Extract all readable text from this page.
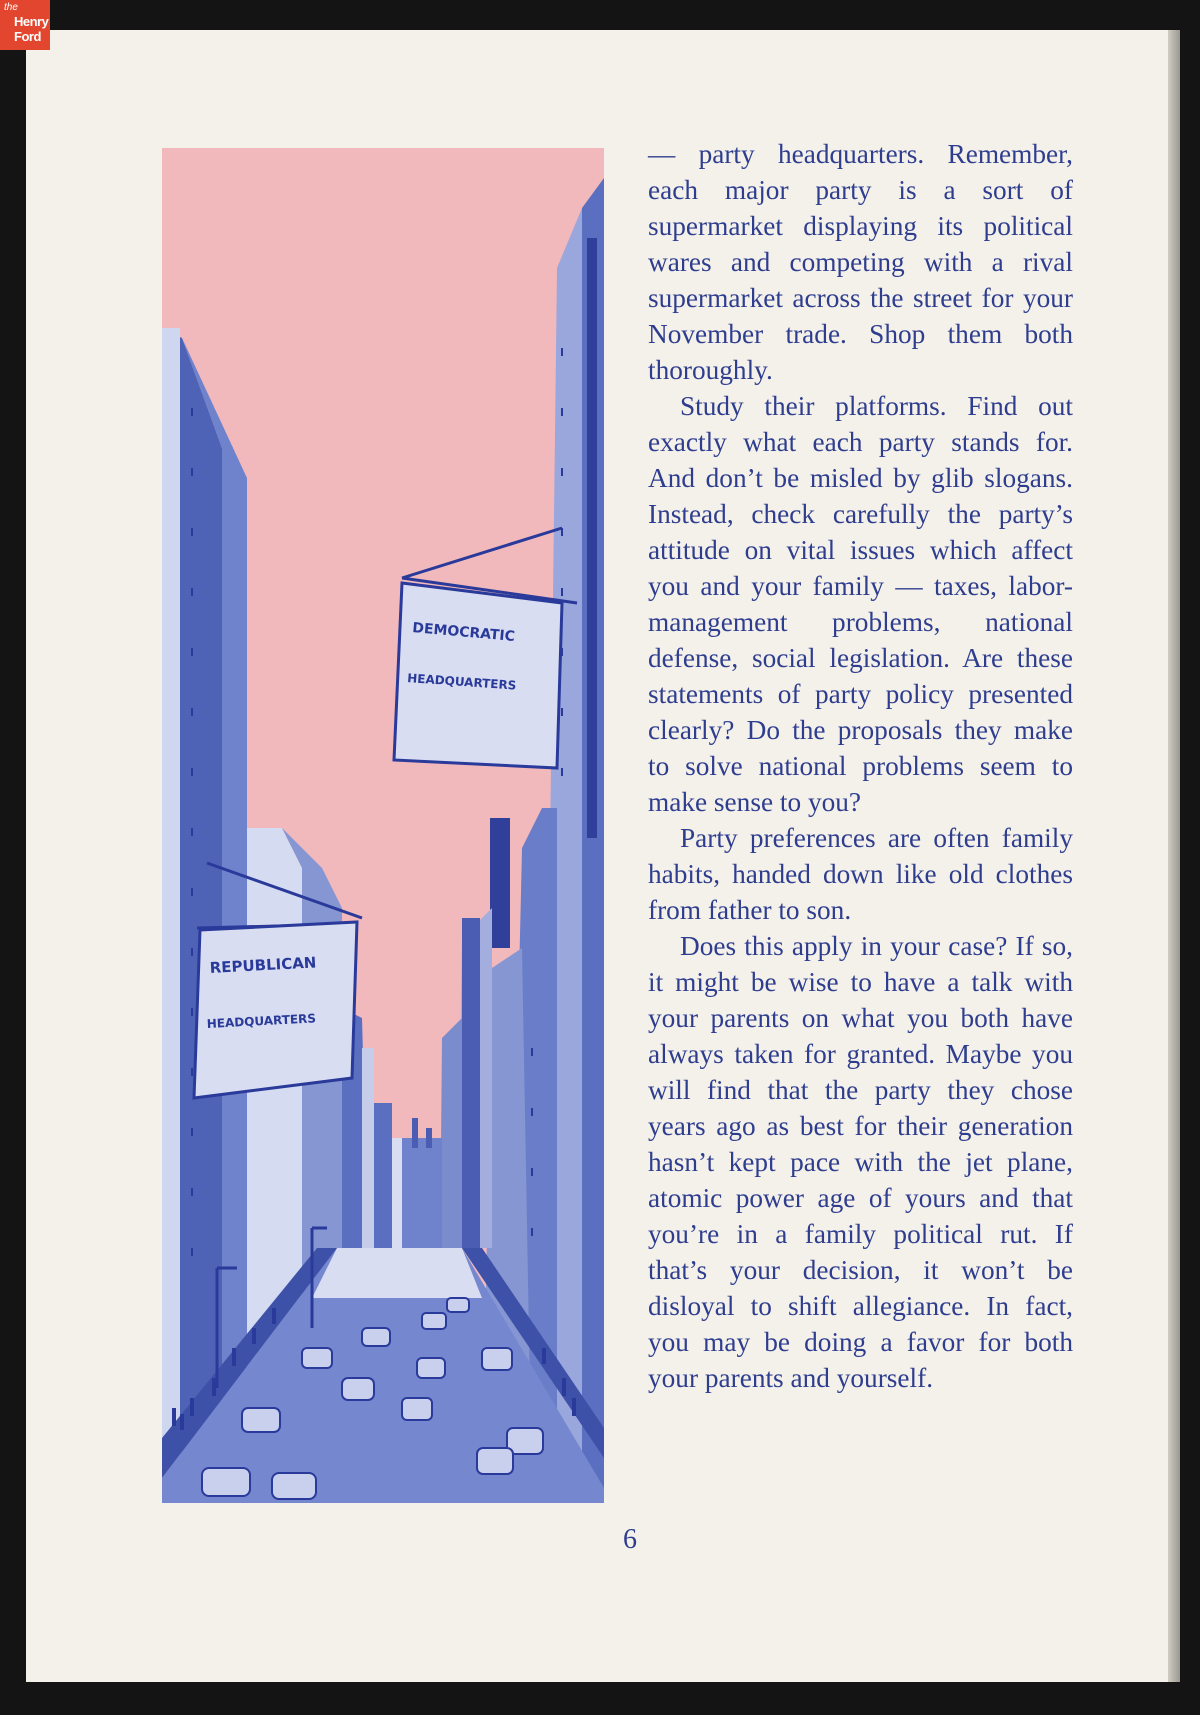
the
Henry
Ford
DEMOCRATIC
HEADQUARTERS
REPUBLICAN
HEADQUARTERS

— party headquarters. Remember, each major party is a sort of supermarket displaying its political wares and competing with a rival supermarket across the street for your November trade. Shop them both thoroughly.

Study their platforms. Find out exactly what each party stands for. And don’t be misled by glib slogans. Instead, check carefully the party’s attitude on vital issues which affect you and your family — taxes, labor-management problems, national defense, social legislation. Are these statements of party policy presented clearly? Do the proposals they make to solve national problems seem to make sense to you?

Party preferences are often family habits, handed down like old clothes from father to son.

Does this apply in your case? If so, it might be wise to have a talk with your parents on what you both have always taken for granted. Maybe you will find that the party they chose years ago as best for their generation hasn’t kept pace with the jet plane, atomic power age of yours and that you’re in a family political rut. If that’s your decision, it won’t be disloyal to shift allegiance. In fact, you may be doing a favor for both your parents and yourself.

6
